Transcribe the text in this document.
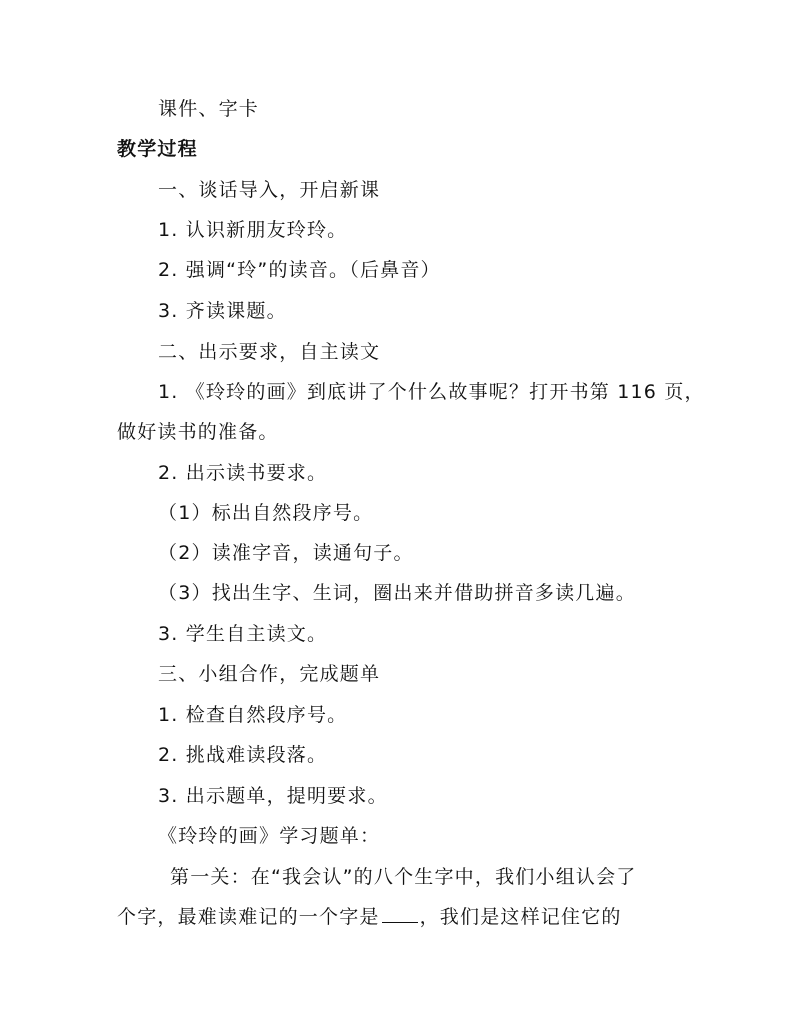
课件、字卡
教学过程
一、谈话导入，开启新课
1. 认识新朋友玲玲。
2. 强调“玲”的读音。（后鼻音）
3. 齐读课题。
二、出示要求，自主读文
1. 《玲玲的画》到底讲了个什么故事呢？打开书第 116 页，
做好读书的准备。
2. 出示读书要求。
（1）标出自然段序号。
（2）读准字音，读通句子。
（3）找出生字、生词，圈出来并借助拼音多读几遍。
3. 学生自主读文。
三、小组合作，完成题单
1. 检查自然段序号。
2. 挑战难读段落。
3. 出示题单，提明要求。
《玲玲的画》学习题单：
第一关：在“我会认”的八个生字中，我们小组认会了
个字，最难读难记的一个字是 ，我们是这样记住它的
